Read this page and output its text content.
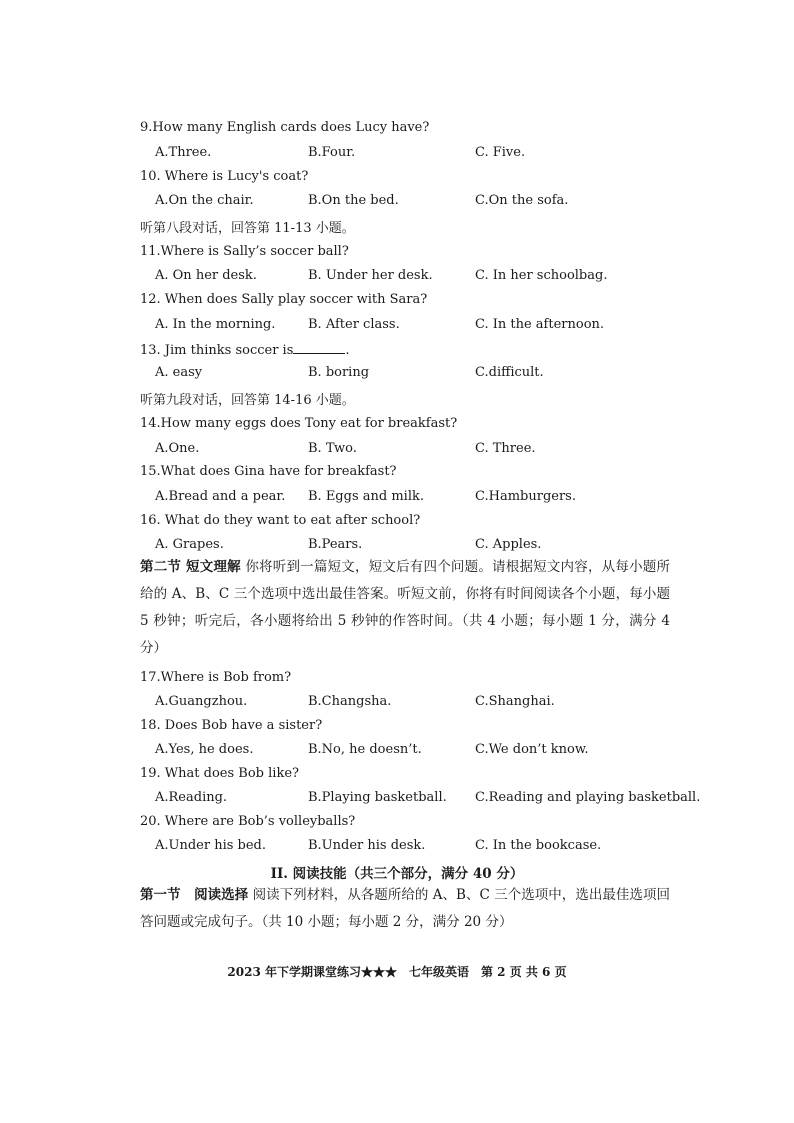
9.How many English cards does Lucy have?
A.Three.	B.Four.	C. Five.
10. Where is Lucy's coat?
A.On the chair.	B.On the bed.	C.On the sofa.
听第八段对话，回答第 11-13 小题。
11.Where is Sally’s soccer ball?
A. On her desk.	B. Under her desk.	C. In her schoolbag.
12. When does Sally play soccer with Sara?
A. In the morning.	B. After class.	C. In the afternoon.
13. Jim thinks soccer is	.
A. easy	B. boring	C.difficult.
听第九段对话，回答第 14-16 小题。
14.How many eggs does Tony eat for breakfast?
A.One.	B. Two.	C. Three.
15.What does Gina have for breakfast?
A.Bread and a pear. B. Eggs and milk.	C.Hamburgers.
16. What do they want to eat after school?
A. Grapes.	B.Pears.	C. Apples.
第二节 短文理解 你将听到一篇短文，短文后有四个问题。请根据短文内容，从每小题所给的 A、B、C 三个选项中选出最佳答案。听短文前，你将有时间阅读各个小题，每小题 5 秒钟；听完后，各小题将给出 5 秒钟的作答时间。（共 4 小题；每小题 1 分，满分 4 分）
17.Where is Bob from?
A.Guangzhou.	B.Changsha.	C.Shanghai.
18. Does Bob have a sister?
A.Yes, he does.	B.No, he doesn’t.	C.We don’t know.
19. What does Bob like?
A.Reading.	B.Playing basketball. C.Reading and playing basketball.
20. Where are Bob’s volleyballs?
A.Under his bed.	B.Under his desk.	C. In the bookcase.
II. 阅读技能（共三个部分，满分 40 分）
第一节　阅读选择 阅读下列材料，从各题所给的 A、B、C 三个选项中，选出最佳选项回答问题或完成句子。（共 10 小题；每小题 2 分，满分 20 分）
2023 年下学期课堂练习★★★　七年级英语　第 2 页 共 6 页
